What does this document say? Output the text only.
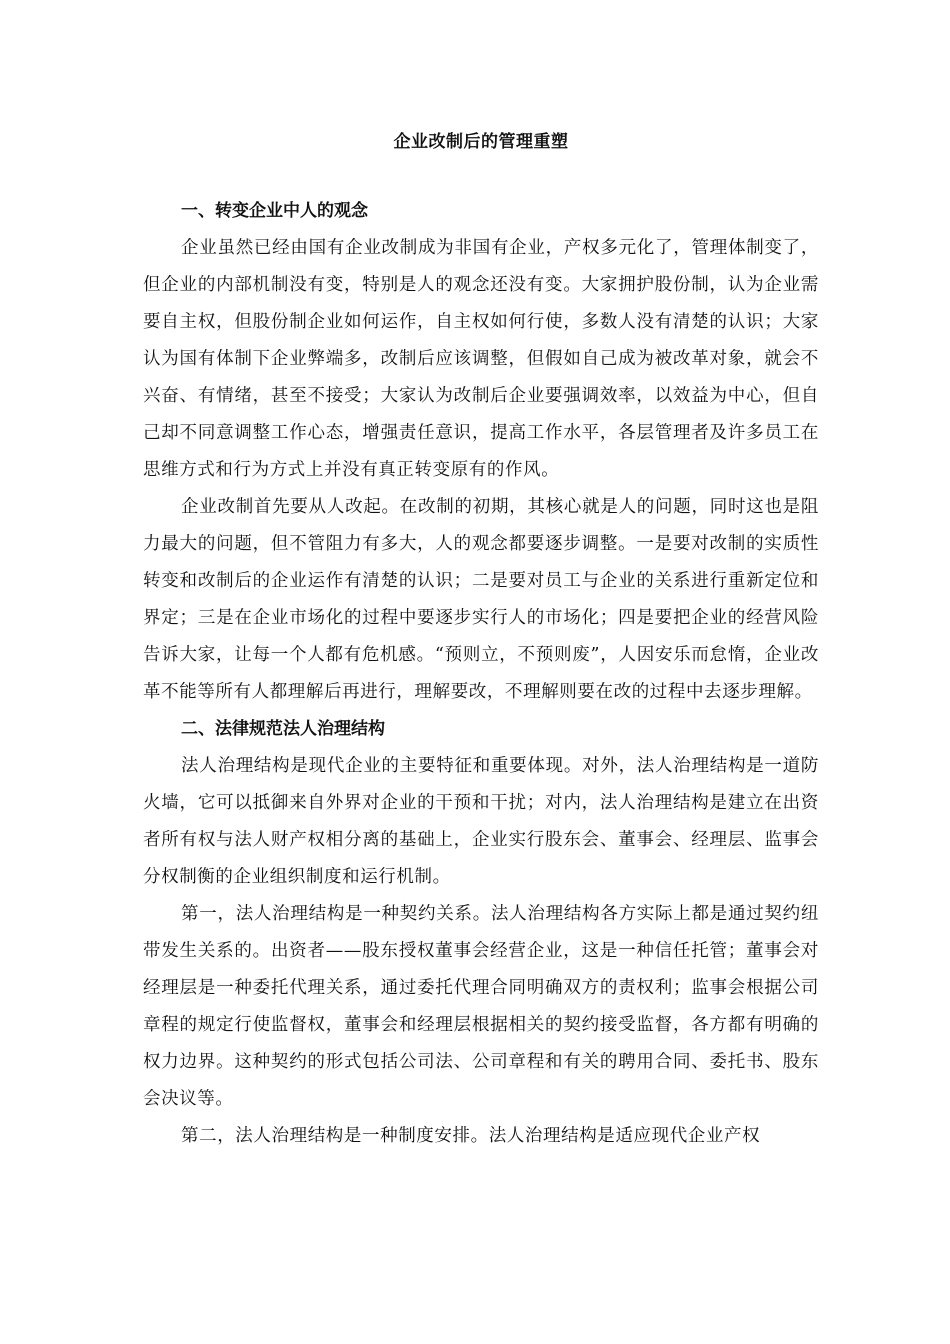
企业改制后的管理重塑

一、转变企业中人的观念

企业虽然已经由国有企业改制成为非国有企业，产权多元化了，管理体制变了，但企业的内部机制没有变，特别是人的观念还没有变。大家拥护股份制，认为企业需要自主权，但股份制企业如何运作，自主权如何行使，多数人没有清楚的认识；大家认为国有体制下企业弊端多，改制后应该调整，但假如自己成为被改革对象，就会不兴奋、有情绪，甚至不接受；大家认为改制后企业要强调效率，以效益为中心，但自己却不同意调整工作心态，增强责任意识，提高工作水平，各层管理者及许多员工在思维方式和行为方式上并没有真正转变原有的作风。

企业改制首先要从人改起。在改制的初期，其核心就是人的问题，同时这也是阻力最大的问题，但不管阻力有多大，人的观念都要逐步调整。一是要对改制的实质性转变和改制后的企业运作有清楚的认识；二是要对员工与企业的关系进行重新定位和界定；三是在企业市场化的过程中要逐步实行人的市场化；四是要把企业的经营风险告诉大家，让每一个人都有危机感。“预则立，不预则废”，人因安乐而怠惰，企业改革不能等所有人都理解后再进行，理解要改，不理解则要在改的过程中去逐步理解。

二、法律规范法人治理结构

法人治理结构是现代企业的主要特征和重要体现。对外，法人治理结构是一道防火墙，它可以抵御来自外界对企业的干预和干扰；对内，法人治理结构是建立在出资者所有权与法人财产权相分离的基础上，企业实行股东会、董事会、经理层、监事会分权制衡的企业组织制度和运行机制。

第一，法人治理结构是一种契约关系。法人治理结构各方实际上都是通过契约纽带发生关系的。出资者——股东授权董事会经营企业，这是一种信任托管；董事会对经理层是一种委托代理关系，通过委托代理合同明确双方的责权利；监事会根据公司章程的规定行使监督权，董事会和经理层根据相关的契约接受监督，各方都有明确的权力边界。这种契约的形式包括公司法、公司章程和有关的聘用合同、委托书、股东会决议等。

第二，法人治理结构是一种制度安排。法人治理结构是适应现代企业产权
